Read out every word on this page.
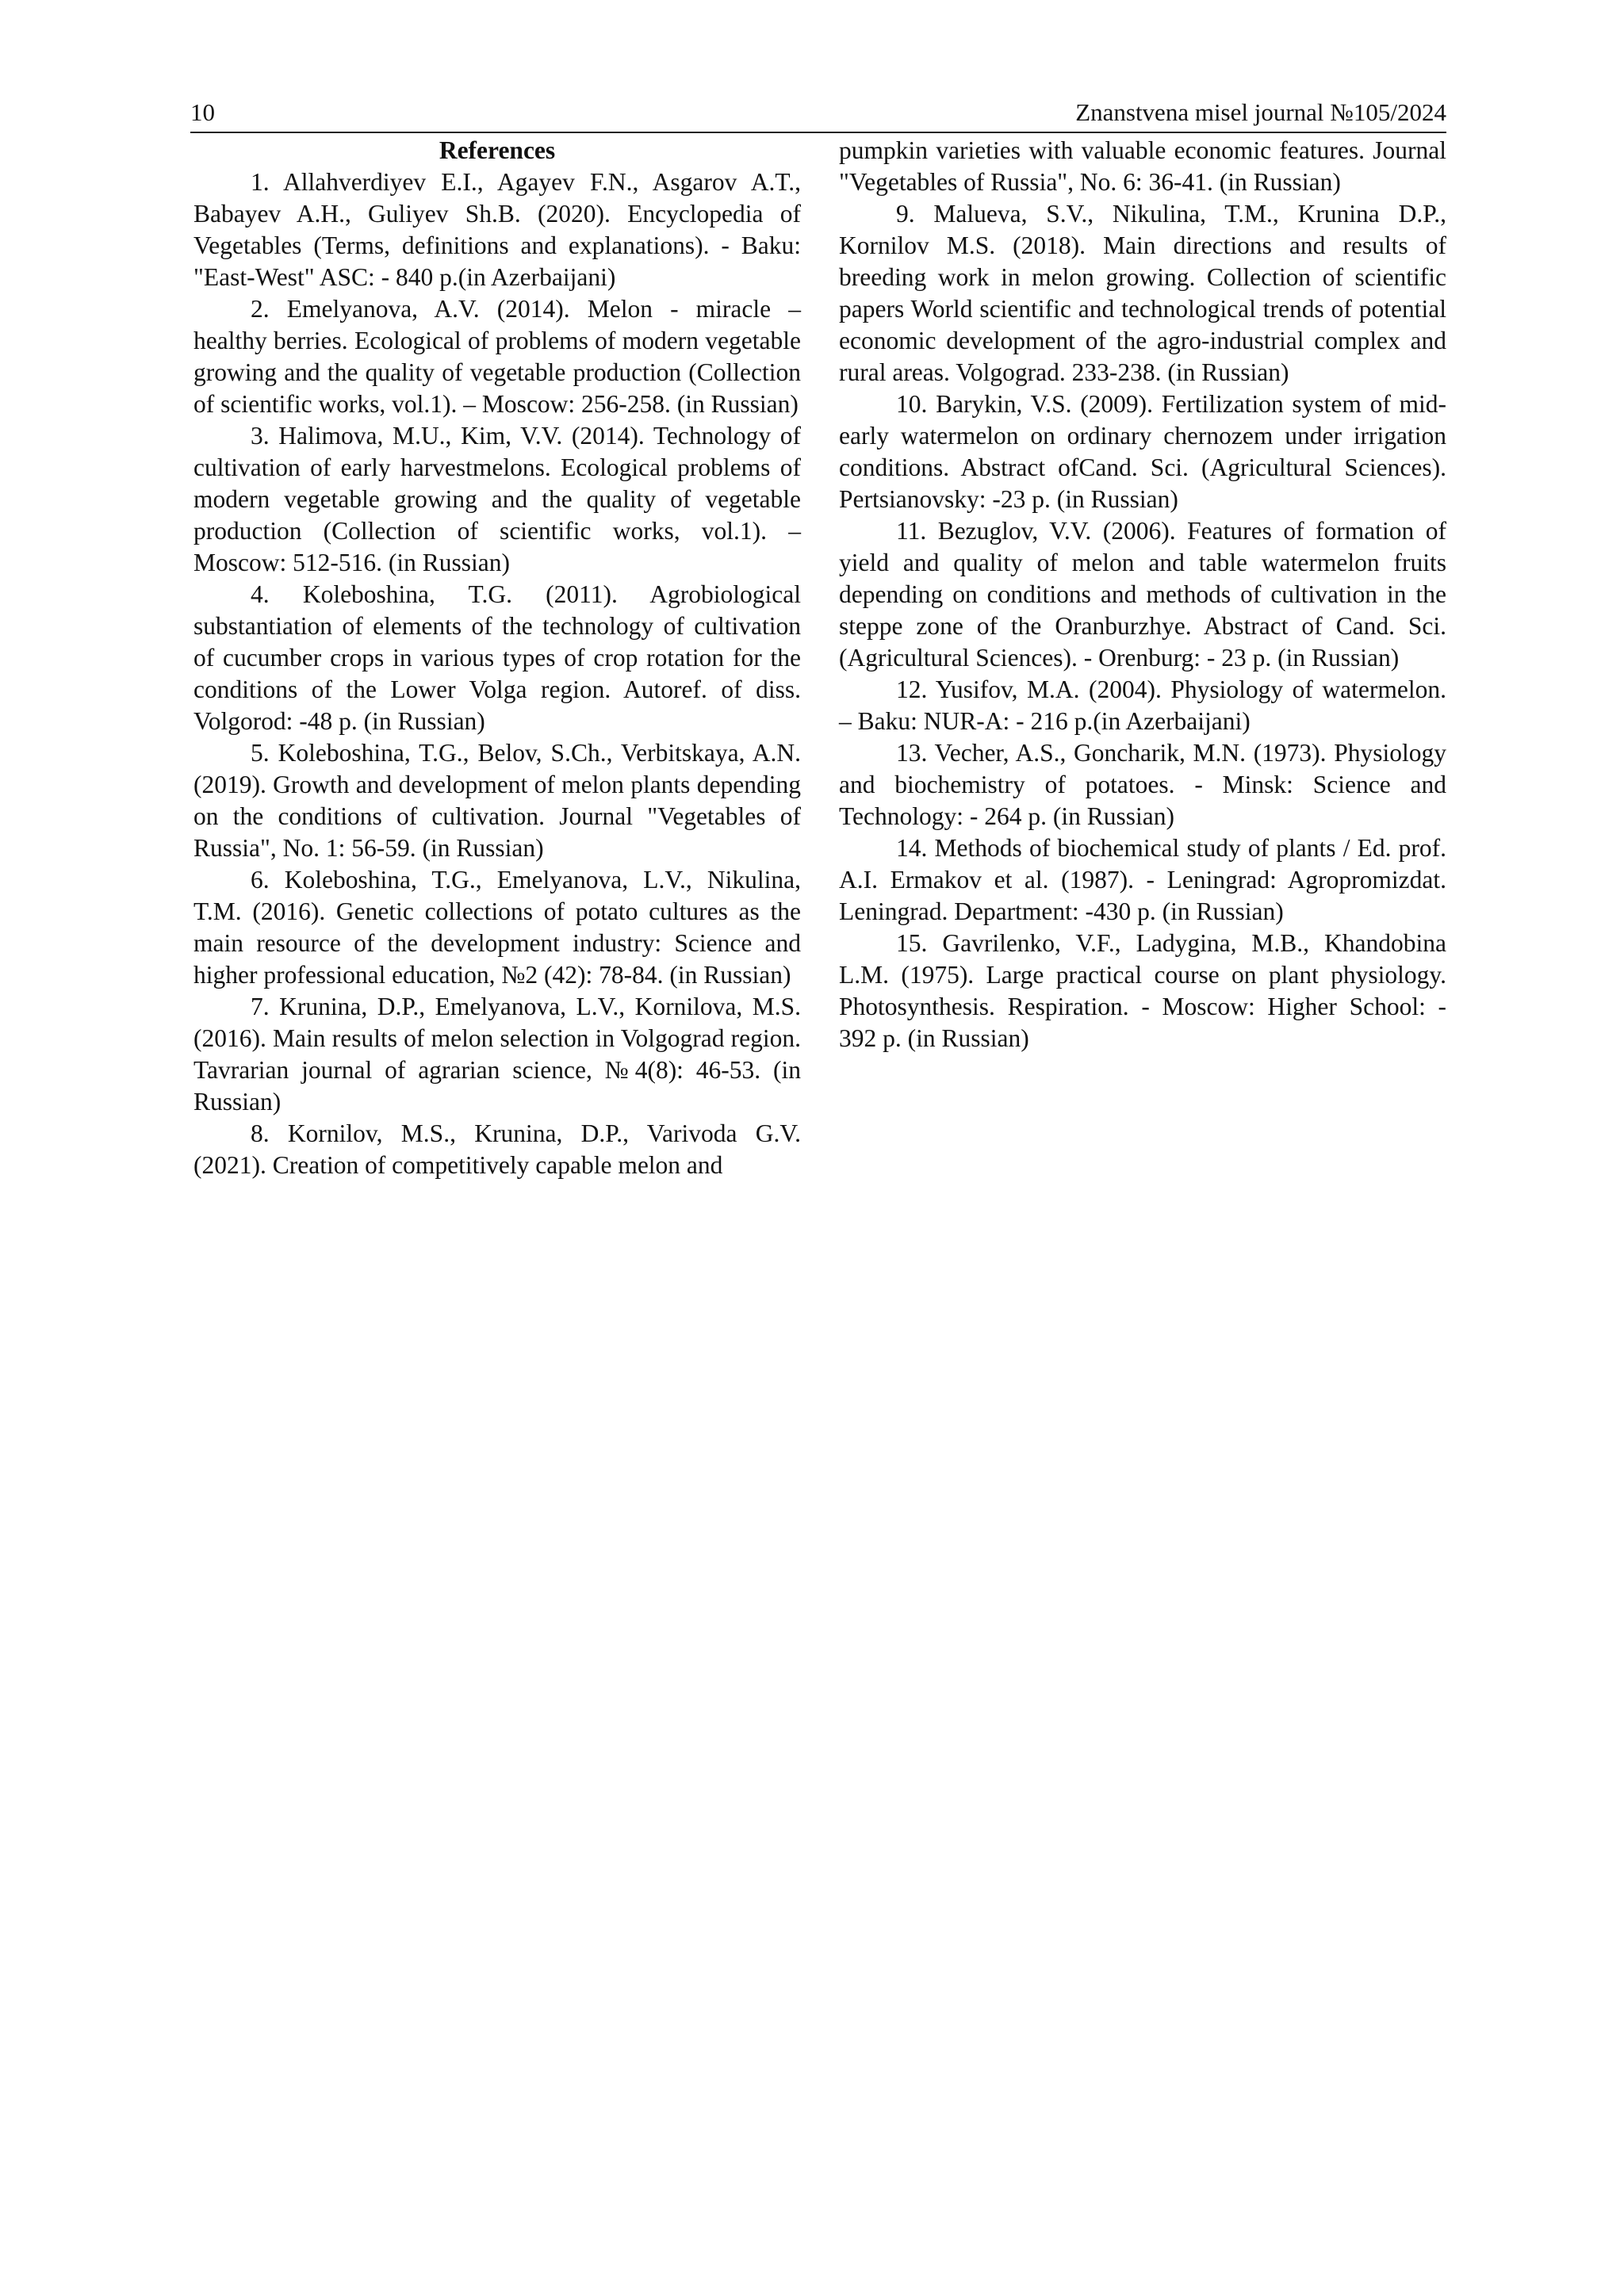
10	Znanstvena misel journal №105/2024

References

1. Allahverdiyev E.I., Agayev F.N., Asgarov A.T., Babayev A.H., Guliyev Sh.B. (2020). Encyclopedia of Vegetables (Terms, definitions and explanations). - Baku: "East-West" ASC: - 840 p.(in Azerbaijani)

2. Emelyanova, A.V. (2014). Melon - miracle – healthy berries. Ecological of problems of modern vegetable growing and the quality of vegetable production (Collection of scientific works, vol.1). – Moscow: 256-258. (in Russian)

3. Halimova, M.U., Kim, V.V. (2014). Technology of cultivation of early harvestmelons. Ecological problems of modern vegetable growing and the quality of vegetable production (Collection of scientific works, vol.1). – Moscow: 512-516. (in Russian)

4. Koleboshina, T.G. (2011). Agrobiological substantiation of elements of the technology of cultivation of cucumber crops in various types of crop rotation for the conditions of the Lower Volga region. Autoref. of diss. Volgorod: -48 p. (in Russian)

5. Koleboshina, T.G., Belov, S.Ch., Verbitskaya, A.N. (2019). Growth and development of melon plants depending on the conditions of cultivation. Journal "Vegetables of Russia", No. 1: 56-59. (in Russian)

6. Koleboshina, T.G., Emelyanova, L.V., Nikulina, T.M. (2016). Genetic collections of potato cultures as the main resource of the development industry: Science and higher professional education, №2 (42): 78-84. (in Russian)

7. Krunina, D.P., Emelyanova, L.V., Kornilova, M.S. (2016). Main results of melon selection in Volgograd region. Tavrarian journal of agrarian science, №4(8): 46-53. (in Russian)

8. Kornilov, M.S., Krunina, D.P., Varivoda G.V. (2021). Creation of competitively capable melon and

pumpkin varieties with valuable economic features. Journal "Vegetables of Russia", No. 6: 36-41. (in Russian)

9. Malueva, S.V., Nikulina, T.M., Krunina D.P., Kornilov M.S. (2018). Main directions and results of breeding work in melon growing. Collection of scientific papers World scientific and technological trends of potential economic development of the agro-industrial complex and rural areas. Volgograd. 233-238. (in Russian)

10. Barykin, V.S. (2009). Fertilization system of mid-early watermelon on ordinary chernozem under irrigation conditions. Abstract ofCand. Sci. (Agricultural Sciences). Pertsianovsky: -23 p. (in Russian)

11. Bezuglov, V.V. (2006). Features of formation of yield and quality of melon and table watermelon fruits depending on conditions and methods of cultivation in the steppe zone of the Oranburzhye. Abstract of Cand. Sci. (Agricultural Sciences). - Orenburg: - 23 p. (in Russian)

12. Yusifov, M.A. (2004). Physiology of watermelon. – Baku: NUR-A: - 216 p.(in Azerbaijani)

13. Vecher, A.S., Goncharik, M.N. (1973). Physiology and biochemistry of potatoes. - Minsk: Science and Technology: - 264 p. (in Russian)

14. Methods of biochemical study of plants / Ed. prof. A.I. Ermakov et al. (1987). - Leningrad: Agropromizdat. Leningrad. Department: -430 p. (in Russian)

15. Gavrilenko, V.F., Ladygina, M.B., Khandobina L.M. (1975). Large practical course on plant physiology. Photosynthesis. Respiration. - Moscow: Higher School: - 392 p. (in Russian)
